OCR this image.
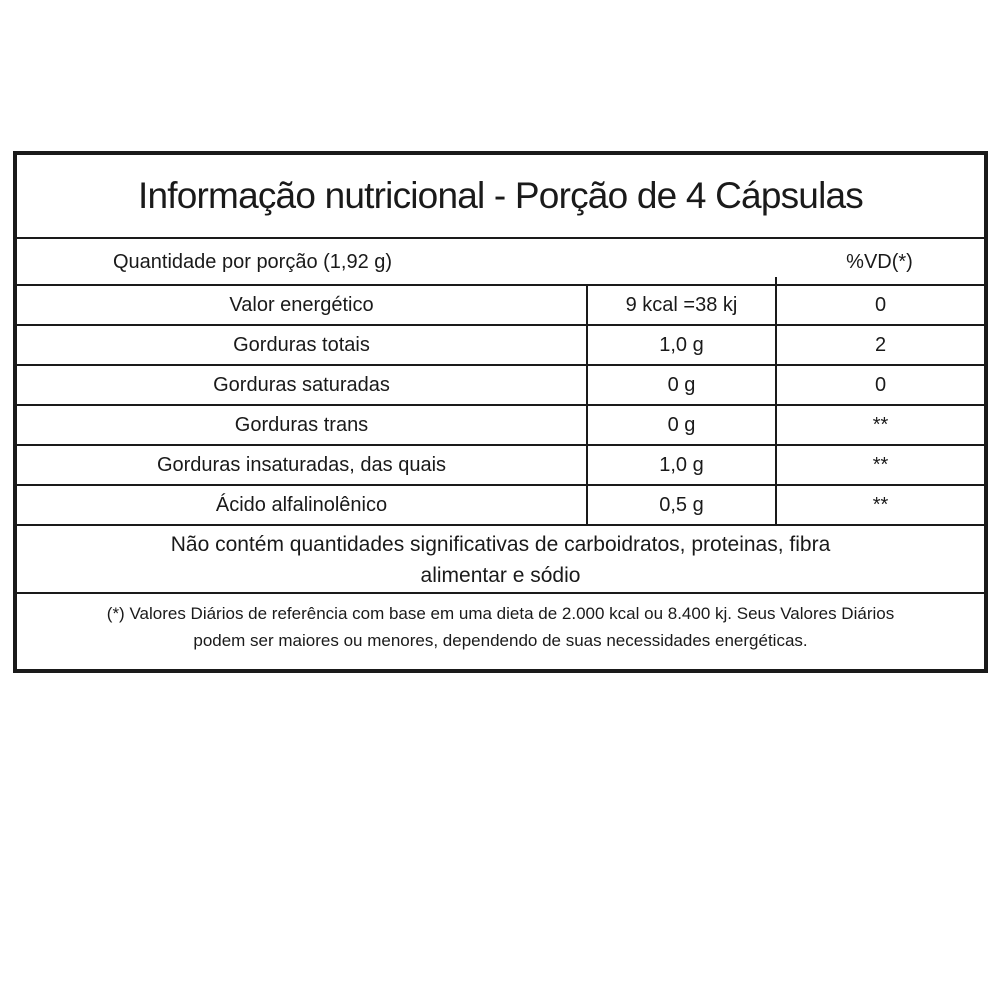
Informação nutricional - Porção de 4 Cápsulas
Quantidade por porção (1,92 g)	%VD(*)
Valor energético	9 kcal =38 kj	0
Gorduras totais	1,0 g	2
Gorduras saturadas	0 g	0
Gorduras trans	0 g	**
Gorduras insaturadas, das quais	1,0 g	**
Ácido alfalinolênico	0,5 g	**
Não contém quantidades significativas de carboidratos, proteinas, fibra
alimentar e sódio
(*) Valores Diários de referência com base em uma dieta de 2.000 kcal ou 8.400 kj. Seus Valores Diários
podem ser maiores ou menores, dependendo de suas necessidades energéticas.
